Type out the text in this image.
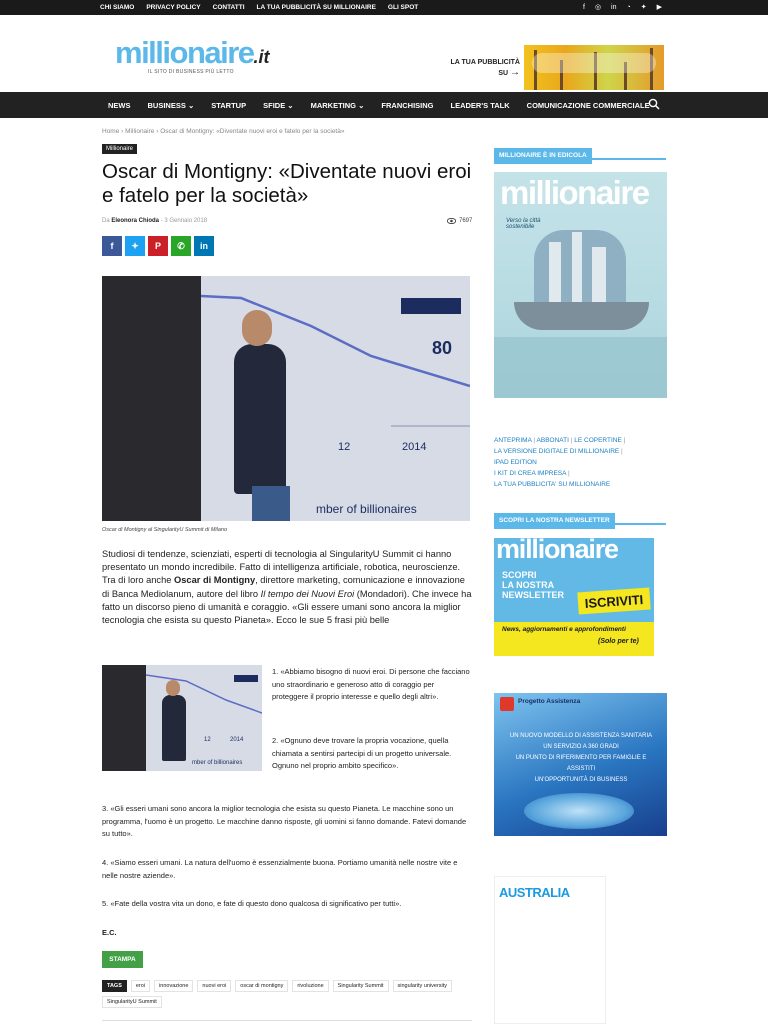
CHI SIAMO PRIVACY POLICY CONTATTI LA TUA PUBBLICITÀ SU MILLIONAIRE GLI SPOT	f ◎ in ◔ ✦ ▶
millionaire.it
IL SITO DI BUSINESS PIÙ LETTO
LA TUA PUBBLICITÀ
SU →
NEWS BUSINESS ⌄ STARTUP SFIDE ⌄ MARKETING ⌄ FRANCHISING LEADER'S TALK COMUNICAZIONE COMMERCIALE
Home › Millionaire › Oscar di Montigny: «Diventate nuovi eroi e fatelo per la società»
Millionaire
Oscar di Montigny: «Diventate nuovi eroi e fatelo per la società»
Da Eleonora Chioda - 3 Gennaio 2018	7697
f	✦	P	✆	in
80
12	2014
mber of billionaires
Oscar di Montigny al SingularityU Summit di Milano

Studiosi di tendenze, scienziati, esperti di tecnologia al SingularityU Summit ci hanno presentato un mondo incredibile. Fatto di intelligenza artificiale, robotica, neuroscienze. Tra di loro anche Oscar di Montigny, direttore marketing, comunicazione e innovazione di Banca Mediolanum, autore del libro Il tempo dei Nuovi Eroi (Mondadori). Che invece ha fatto un discorso pieno di umanità e coraggio. «Gli essere umani sono ancora la miglior tecnologia che esista su questo Pianeta». Ecco le sue 5 frasi più belle

12	2014
mber of billionaires

1. «Abbiamo bisogno di nuovi eroi. Di persone che facciano uno straordinario e generoso atto di coraggio per proteggere il proprio interesse e quello degli altri».

2. «Ognuno deve trovare la propria vocazione, quella chiamata a sentirsi partecipi di un progetto universale. Ognuno nel proprio ambito specifico».

3. «Gli esseri umani sono ancora la miglior tecnologia che esista su questo Pianeta. Le macchine sono un programma, l'uomo è un progetto. Le macchine danno risposte, gli uomini si fanno domande. Fatevi domande su tutto».

4. «Siamo esseri umani. La natura dell'uomo è essenzialmente buona. Portiamo umanità nelle nostre vite e nelle nostre aziende».

5. «Fate della vostra vita un dono, e fate di questo dono qualcosa di significativo per tutti».

E.C.
STAMPA
TAGS	eroi	innovazione	nuovi eroi	oscar di montigny	rivoluzione	Singularity Summit	singularity university
SingularityU Summit
MILLIONAIRE È IN EDICOLA
millionaire
Verso la città sostenibile
ANTEPRIMA | ABBONATI | LE COPERTINE |
LA VERSIONE DIGITALE DI MILLIONAIRE |
IPAD EDITION
I KIT DI CREA IMPRESA |
LA TUA PUBBLICITA' SU MILLIONAIRE
SCOPRI LA NOSTRA NEWSLETTER
millionaire
SCOPRI
LA NOSTRA
NEWSLETTER	ISCRIVITI
News, aggiornamenti e approfondimenti
(Solo per te)
Progetto Assistenza
UN NUOVO MODELLO DI ASSISTENZA SANITARIA
UN SERVIZIO A 360 GRADI
UN PUNTO DI RIFERIMENTO PER FAMIGLIE E ASSISTITI
UN'OPPORTUNITÀ DI BUSINESS
AUSTRALIA
